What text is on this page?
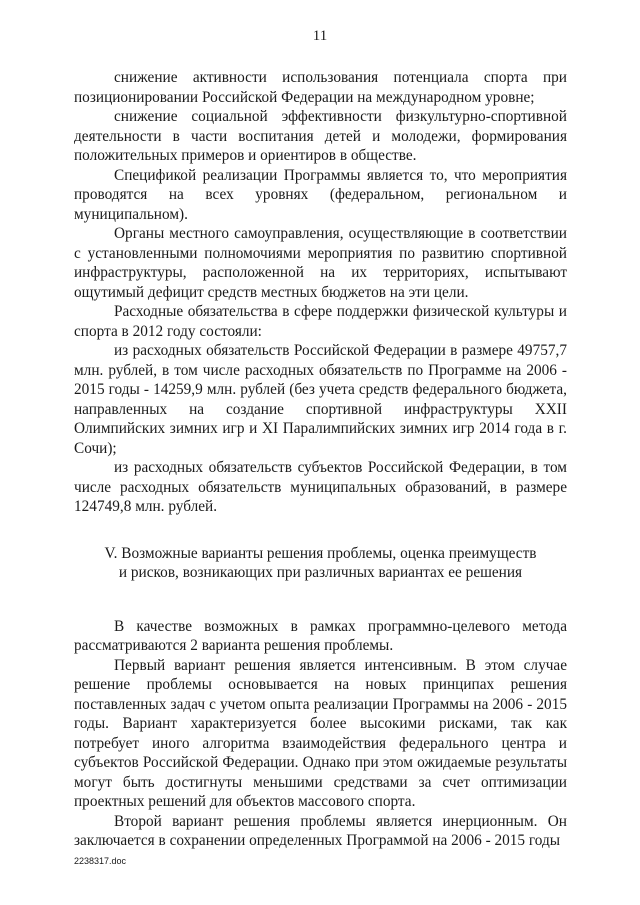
11

снижение активности использования потенциала спорта при позиционировании Российской Федерации на международном уровне;

снижение социальной эффективности физкультурно-спортивной деятельности в части воспитания детей и молодежи, формирования положительных примеров и ориентиров в обществе.

Спецификой реализации Программы является то, что мероприятия проводятся на всех уровнях (федеральном, региональном и муниципальном).

Органы местного самоуправления, осуществляющие в соответствии с установленными полномочиями мероприятия по развитию спортивной инфраструктуры, расположенной на их территориях, испытывают ощутимый дефицит средств местных бюджетов на эти цели.

Расходные обязательства в сфере поддержки физической культуры и спорта в 2012 году состояли:

из расходных обязательств Российской Федерации в размере 49757,7 млн. рублей, в том числе расходных обязательств по Программе на 2006 - 2015 годы - 14259,9 млн. рублей (без учета средств федерального бюджета, направленных на создание спортивной инфраструктуры XXII Олимпийских зимних игр и XI Паралимпийских зимних игр 2014 года в г. Сочи);

из расходных обязательств субъектов Российской Федерации, в том числе расходных обязательств муниципальных образований, в размере 124749,8 млн. рублей.

V. Возможные варианты решения проблемы, оценка преимуществ
и рисков, возникающих при различных вариантах ее решения

В качестве возможных в рамках программно-целевого метода рассматриваются 2 варианта решения проблемы.

Первый вариант решения является интенсивным. В этом случае решение проблемы основывается на новых принципах решения поставленных задач с учетом опыта реализации Программы на 2006 - 2015 годы. Вариант характеризуется более высокими рисками, так как потребует иного алгоритма взаимодействия федерального центра и субъектов Российской Федерации. Однако при этом ожидаемые результаты могут быть достигнуты меньшими средствами за счет оптимизации проектных решений для объектов массового спорта.

Второй вариант решения проблемы является инерционным. Он заключается в сохранении определенных Программой на 2006 - 2015 годы

2238317.doc
